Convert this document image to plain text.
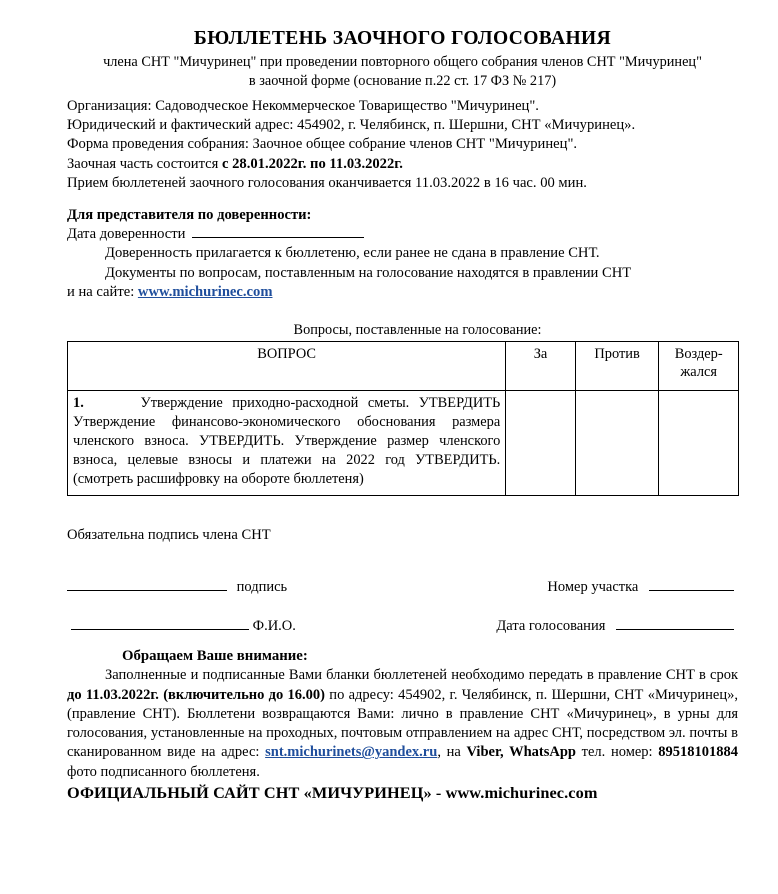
БЮЛЛЕТЕНЬ ЗАОЧНОГО ГОЛОСОВАНИЯ
члена СНТ "Мичуринец" при проведении повторного общего собрания членов СНТ "Мичуринец"
в заочной форме (основание п.22 ст. 17 ФЗ № 217)
Организация: Садоводческое Некоммерческое Товарищество "Мичуринец".
Юридический и фактический адрес: 454902, г. Челябинск, п. Шершни, СНТ «Мичуринец».
Форма проведения собрания: Заочное общее собрание членов СНТ "Мичуринец".
Заочная часть состоится с 28.01.2022г. по 11.03.2022г.
Прием бюллетеней заочного голосования оканчивается 11.03.2022 в 16 час. 00 мин.
Для представителя по доверенности:
Дата доверенности
Доверенность прилагается к бюллетеню, если ранее не сдана в правление СНТ.
Документы по вопросам, поставленным на голосование находятся в правлении СНТ
и на сайте: www.michurinec.com
Вопросы, поставленные на голосование:
ВОПРОС	За	Против	Воздер-
жался
1. Утверждение приходно-расходной сметы. УТВЕРДИТЬ Утверждение финансово-экономического обоснования размера членского взноса. УТВЕРДИТЬ. Утверждение размер членского взноса, целевые взносы и платежи на 2022 год УТВЕРДИТЬ. (смотреть расшифровку на обороте бюллетеня)			
Обязательна подпись члена СНТ
подпись	Номер участка
Ф.И.О.	Дата голосования
Обращаем Ваше внимание:
Заполненные и подписанные Вами бланки бюллетеней необходимо передать в правление СНТ в срок до 11.03.2022г. (включительно до 16.00) по адресу: 454902, г. Челябинск, п. Шершни, СНТ «Мичуринец», (правление СНТ). Бюллетени возвращаются Вами: лично в правление СНТ «Мичуринец», в урны для голосования, установленные на проходных, почтовым отправлением на адрес СНТ, посредством эл. почты в сканированном виде на адрес: snt.michurinets@yandex.ru, на Viber, WhatsApp тел. номер: 89518101884 фото подписанного бюллетеня.
ОФИЦИАЛЬНЫЙ САЙТ СНТ «МИЧУРИНЕЦ» - www.michurinec.com
